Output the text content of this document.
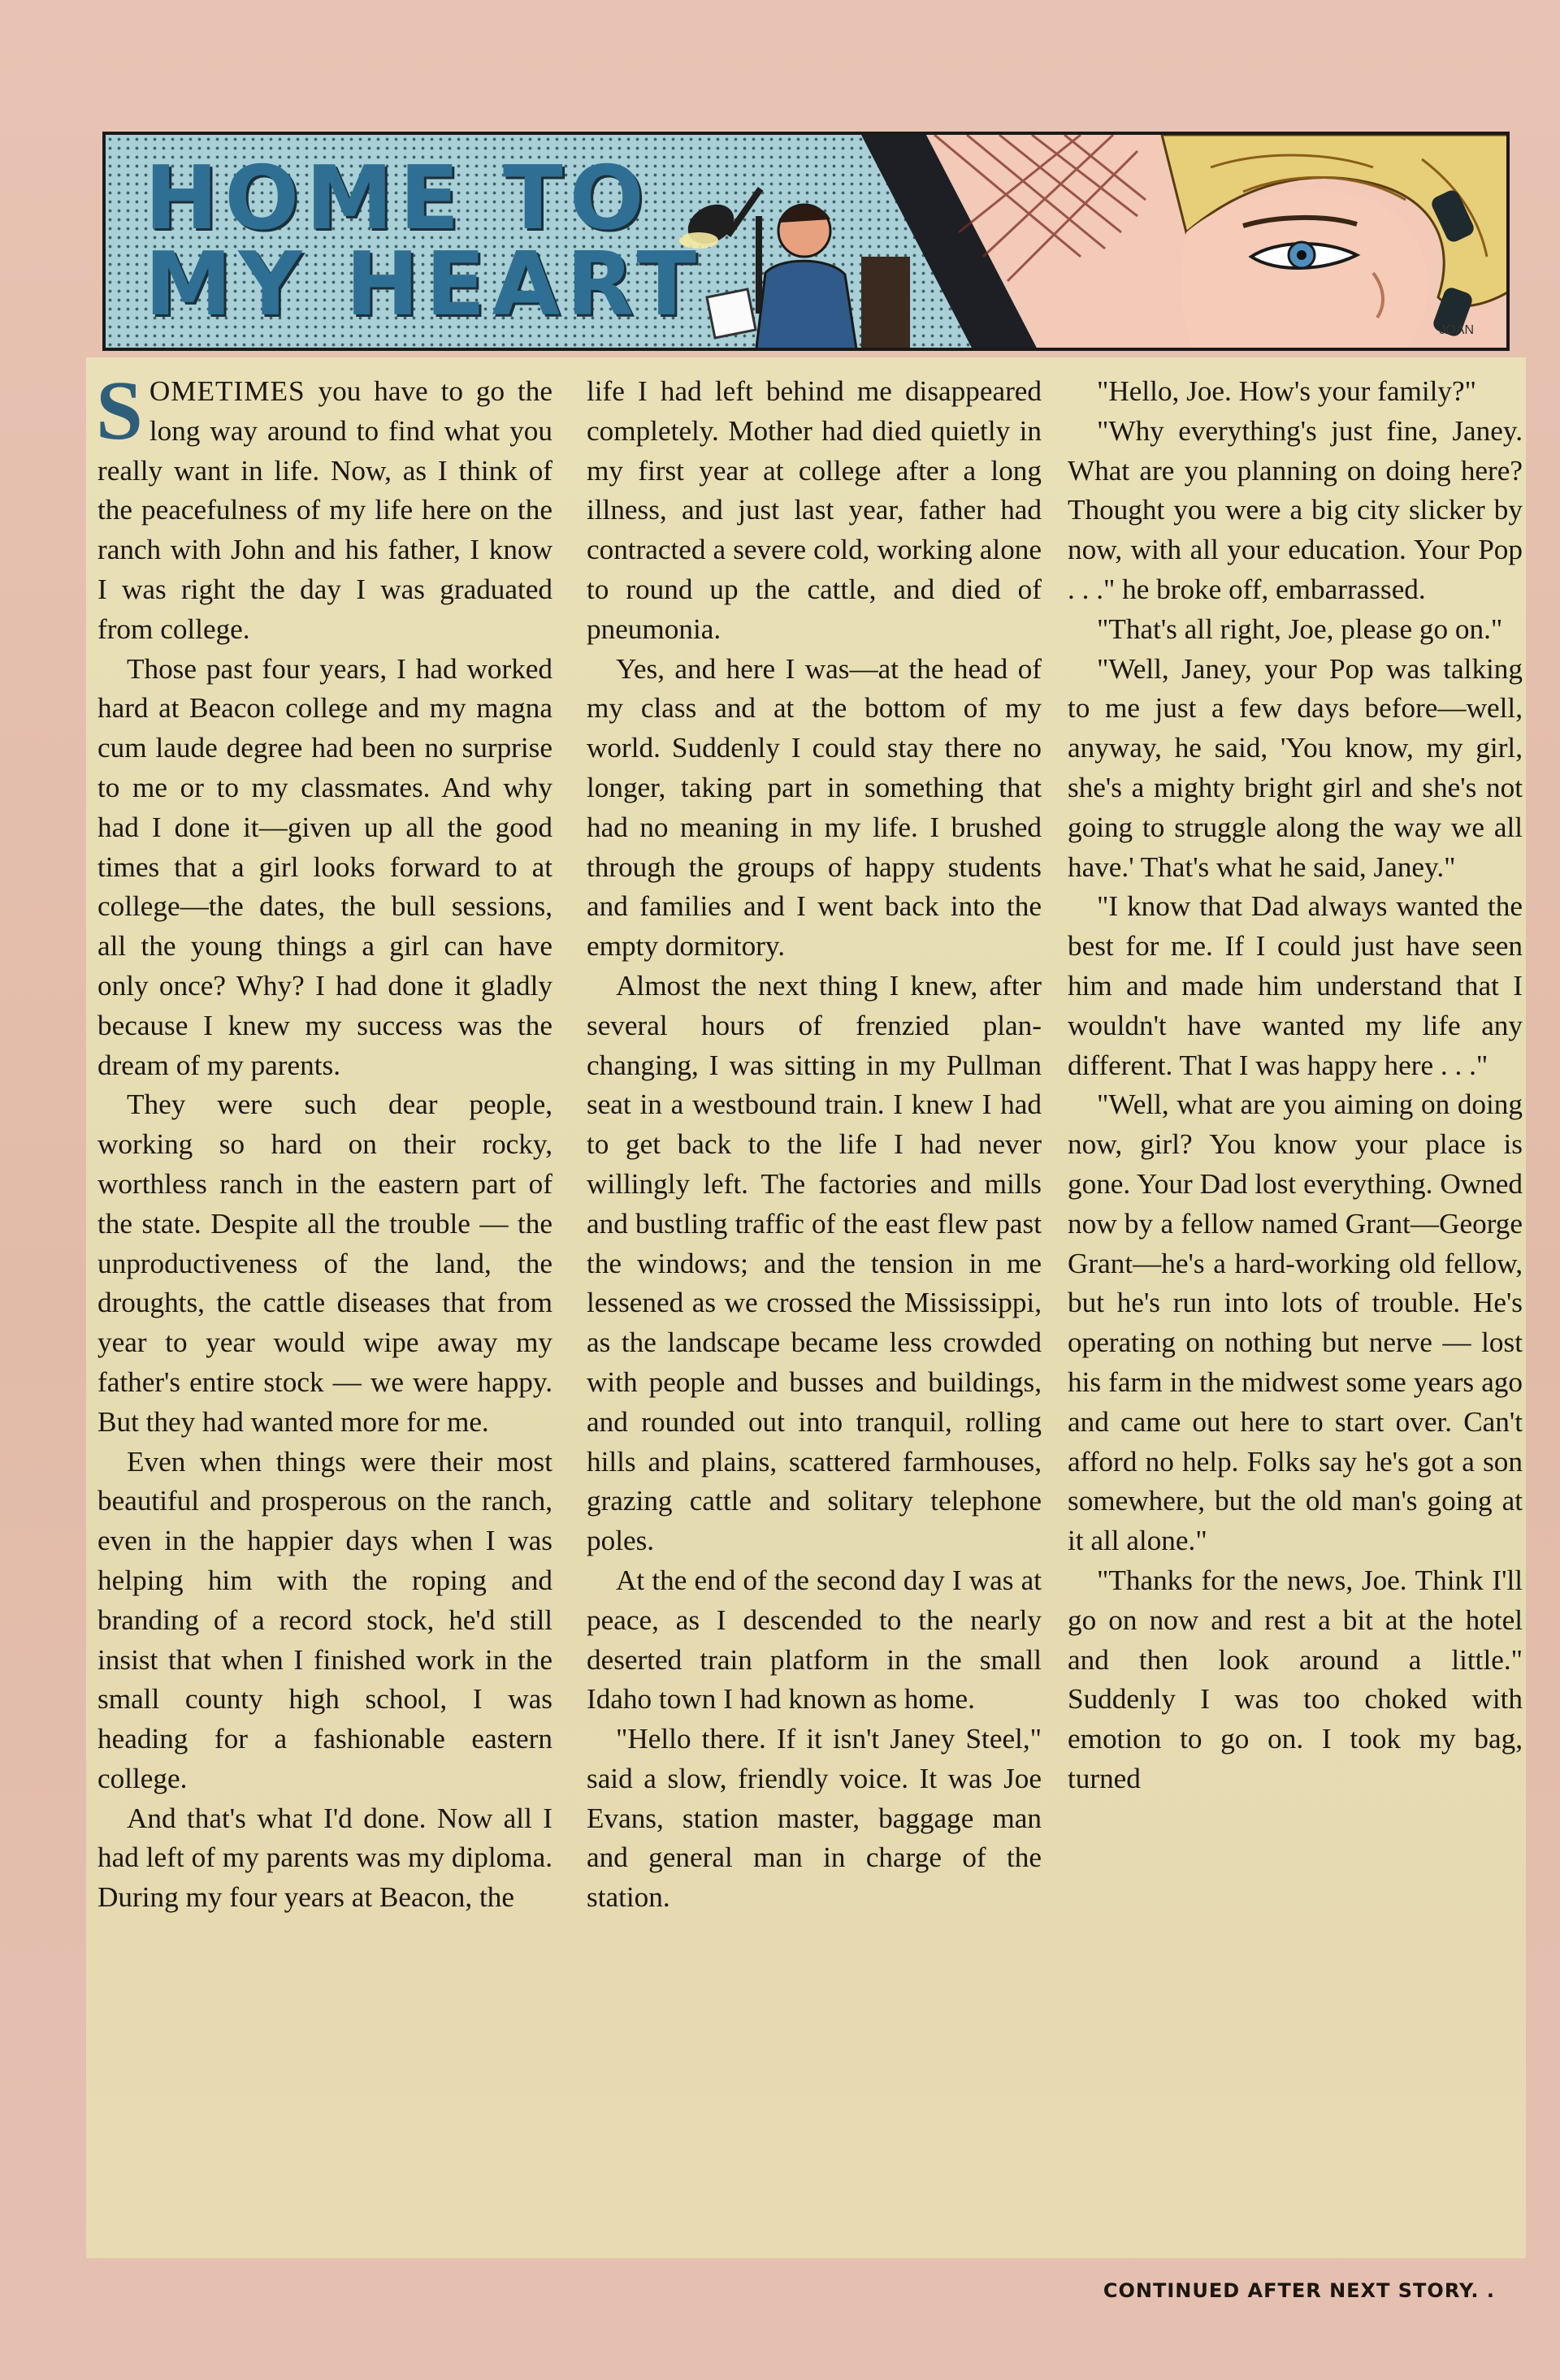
HOME TO
MY HEART	JOAN

SOMETIMES you have to go the long way around to find what you really want in life. Now, as I think of the peacefulness of my life here on the ranch with John and his father, I know I was right the day I was graduated from college.

Those past four years, I had worked hard at Beacon college and my magna cum laude degree had been no surprise to me or to my classmates. And why had I done it—given up all the good times that a girl looks forward to at college—the dates, the bull sessions, all the young things a girl can have only once? Why? I had done it gladly because I knew my success was the dream of my parents.

They were such dear people, working so hard on their rocky, worthless ranch in the eastern part of the state. Despite all the trouble — the unproductiveness of the land, the droughts, the cattle diseases that from year to year would wipe away my father's entire stock — we were happy. But they had wanted more for me.

Even when things were their most beautiful and prosperous on the ranch, even in the happier days when I was helping him with the roping and branding of a record stock, he'd still insist that when I finished work in the small county high school, I was heading for a fashionable eastern college.

And that's what I'd done. Now all I had left of my parents was my diploma. During my four years at Beacon, the

life I had left behind me disappeared completely. Mother had died quietly in my first year at college after a long illness, and just last year, father had contracted a severe cold, working alone to round up the cattle, and died of pneumonia.

Yes, and here I was—at the head of my class and at the bottom of my world. Suddenly I could stay there no longer, taking part in something that had no meaning in my life. I brushed through the groups of happy students and families and I went back into the empty dormitory.

Almost the next thing I knew, after several hours of frenzied plan-changing, I was sitting in my Pullman seat in a westbound train. I knew I had to get back to the life I had never willingly left. The factories and mills and bustling traffic of the east flew past the windows; and the tension in me lessened as we crossed the Mississippi, as the landscape became less crowded with people and busses and buildings, and rounded out into tranquil, rolling hills and plains, scattered farmhouses, grazing cattle and solitary telephone poles.

At the end of the second day I was at peace, as I descended to the nearly deserted train platform in the small Idaho town I had known as home.

"Hello there. If it isn't Janey Steel," said a slow, friendly voice. It was Joe Evans, station master, baggage man and general man in charge of the station.

"Hello, Joe. How's your family?"

"Why everything's just fine, Janey. What are you planning on doing here? Thought you were a big city slicker by now, with all your education. Your Pop . . ." he broke off, embarrassed.

"That's all right, Joe, please go on."

"Well, Janey, your Pop was talking to me just a few days before—well, anyway, he said, 'You know, my girl, she's a mighty bright girl and she's not going to struggle along the way we all have.' That's what he said, Janey."

"I know that Dad always wanted the best for me. If I could just have seen him and made him understand that I wouldn't have wanted my life any different. That I was happy here . . ."

"Well, what are you aiming on doing now, girl? You know your place is gone. Your Dad lost everything. Owned now by a fellow named Grant—George Grant—he's a hard-working old fellow, but he's run into lots of trouble. He's operating on nothing but nerve — lost his farm in the midwest some years ago and came out here to start over. Can't afford no help. Folks say he's got a son somewhere, but the old man's going at it all alone."

"Thanks for the news, Joe. Think I'll go on now and rest a bit at the hotel and then look around a little." Suddenly I was too choked with emotion to go on. I took my bag, turned

CONTINUED AFTER NEXT STORY. .
